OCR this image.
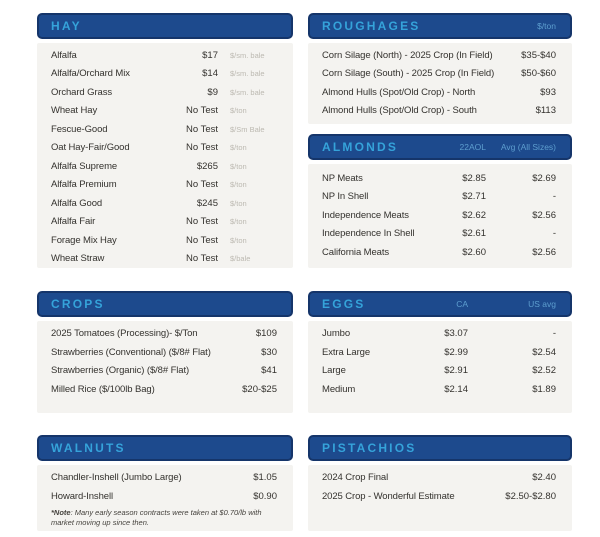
HAY
Alfalfa	$17 $/sm. bale
Alfalfa/Orchard Mix	$14 $/sm. bale
Orchard Grass	$9 $/sm. bale
Wheat Hay	No Test $/ton
Fescue-Good	No Test $/Sm Bale
Oat Hay-Fair/Good	No Test $/ton
Alfalfa Supreme	$265 $/ton
Alfalfa Premium	No Test $/ton
Alfalfa Good	$245 $/ton
Alfalfa Fair	No Test $/ton
Forage Mix Hay	No Test $/ton
Wheat Straw	No Test $/bale
ROUGHAGES	$/ton
Corn Silage (North) - 2025 Crop (In Field)	$35-$40
Corn Silage (South) - 2025 Crop (In Field)	$50-$60
Almond Hulls (Spot/Old Crop) - North	$93
Almond Hulls (Spot/Old Crop) - South	$113
ALMONDS	22AOL	Avg (All Sizes)
NP Meats	$2.85	$2.69
NP In Shell	$2.71	-
Independence Meats	$2.62	$2.56
Independence In Shell	$2.61	-
California Meats	$2.60	$2.56
CROPS
2025 Tomatoes (Processing)- $/Ton	$109
Strawberries (Conventional) ($/8# Flat)	$30
Strawberries (Organic) ($/8# Flat)	$41
Milled Rice ($/100lb Bag)	$20-$25
EGGS	CA	US avg
Jumbo	$3.07	-
Extra Large	$2.99	$2.54
Large	$2.91	$2.52
Medium	$2.14	$1.89
WALNUTS
Chandler-Inshell (Jumbo Large)	$1.05
Howard-Inshell	$0.90
*Note: Many early season contracts were taken at $0.70/lb with market moving up since then.
PISTACHIOS
2024 Crop Final	$2.40
2025 Crop - Wonderful Estimate	$2.50-$2.80
